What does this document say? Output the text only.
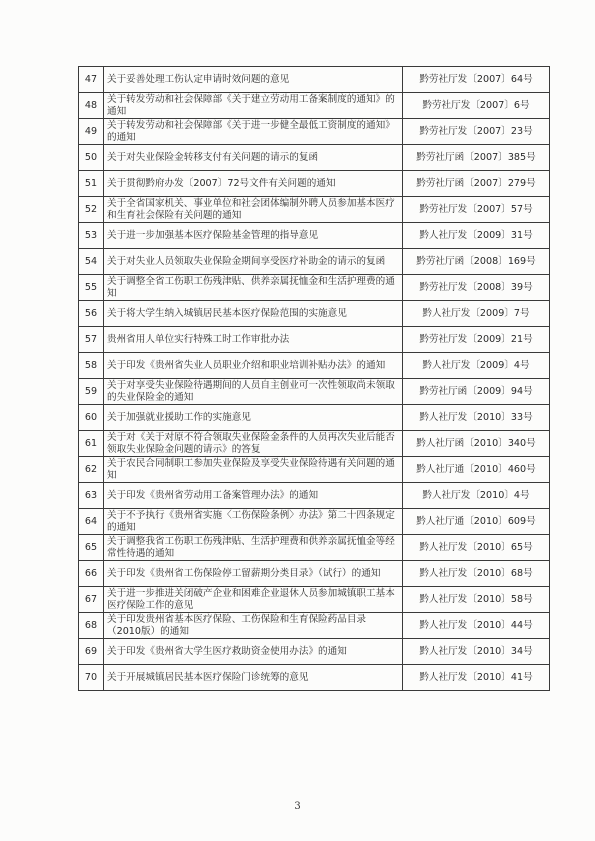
47	关于妥善处理工伤认定申请时效问题的意见	黔劳社厅发〔2007〕64号
48	关于转发劳动和社会保障部《关于建立劳动用工备案制度的通知》的通知	黔劳社厅发〔2007〕6号
49	关于转发劳动和社会保障部《关于进一步健全最低工资制度的通知》的通知	黔劳社厅发〔2007〕23号
50	关于对失业保险金转移支付有关问题的请示的复函	黔劳社厅函〔2007〕385号
51	关于贯彻黔府办发〔2007〕72号文件有关问题的通知	黔劳社厅函〔2007〕279号
52	关于全省国家机关、事业单位和社会团体编制外聘人员参加基本医疗和生育社会保险有关问题的通知	黔劳社厅发〔2007〕57号
53	关于进一步加强基本医疗保险基金管理的指导意见	黔人社厅发〔2009〕31号
54	关于对失业人员领取失业保险金期间享受医疗补助金的请示的复函	黔劳社厅函〔2008〕169号
55	关于调整全省工伤职工伤残津贴、供养亲属抚恤金和生活护理费的通知	黔劳社厅发〔2008〕39号
56	关于将大学生纳入城镇居民基本医疗保险范围的实施意见	黔人社厅发〔2009〕7号
57	贵州省用人单位实行特殊工时工作审批办法	黔劳社厅发〔2009〕21号
58	关于印发《贵州省失业人员职业介绍和职业培训补贴办法》的通知	黔人社厅发〔2009〕4号
59	关于对享受失业保险待遇期间的人员自主创业可一次性领取尚未领取的失业保险金的通知	黔劳社厅函〔2009〕94号
60	关于加强就业援助工作的实施意见	黔人社厅发〔2010〕33号
61	关于对《关于对原不符合领取失业保险金条件的人员再次失业后能否领取失业保险金问题的请示》的答复	黔人社厅函〔2010〕340号
62	关于农民合同制职工参加失业保险及享受失业保险待遇有关问题的通知	黔人社厅通〔2010〕460号
63	关于印发《贵州省劳动用工备案管理办法》的通知	黔人社厅发〔2010〕4号
64	关于不予执行《贵州省实施〈工伤保险条例〉办法》第二十四条规定的通知	黔人社厅通〔2010〕609号
65	关于调整我省工伤职工伤残津贴、生活护理费和供养亲属抚恤金等经常性待遇的通知	黔人社厅发〔2010〕65号
66	关于印发《贵州省工伤保险停工留薪期分类目录》（试行）的通知	黔人社厅发〔2010〕68号
67	关于进一步推进关闭破产企业和困难企业退休人员参加城镇职工基本医疗保险工作的意见	黔人社厅发〔2010〕58号
68	关于印发贵州省基本医疗保险、工伤保险和生育保险药品目录（2010版）的通知	黔人社厅发〔2010〕44号
69	关于印发《贵州省大学生医疗救助资金使用办法》的通知	黔人社厅发〔2010〕34号
70	关于开展城镇居民基本医疗保险门诊统筹的意见	黔人社厅发〔2010〕41号
3
